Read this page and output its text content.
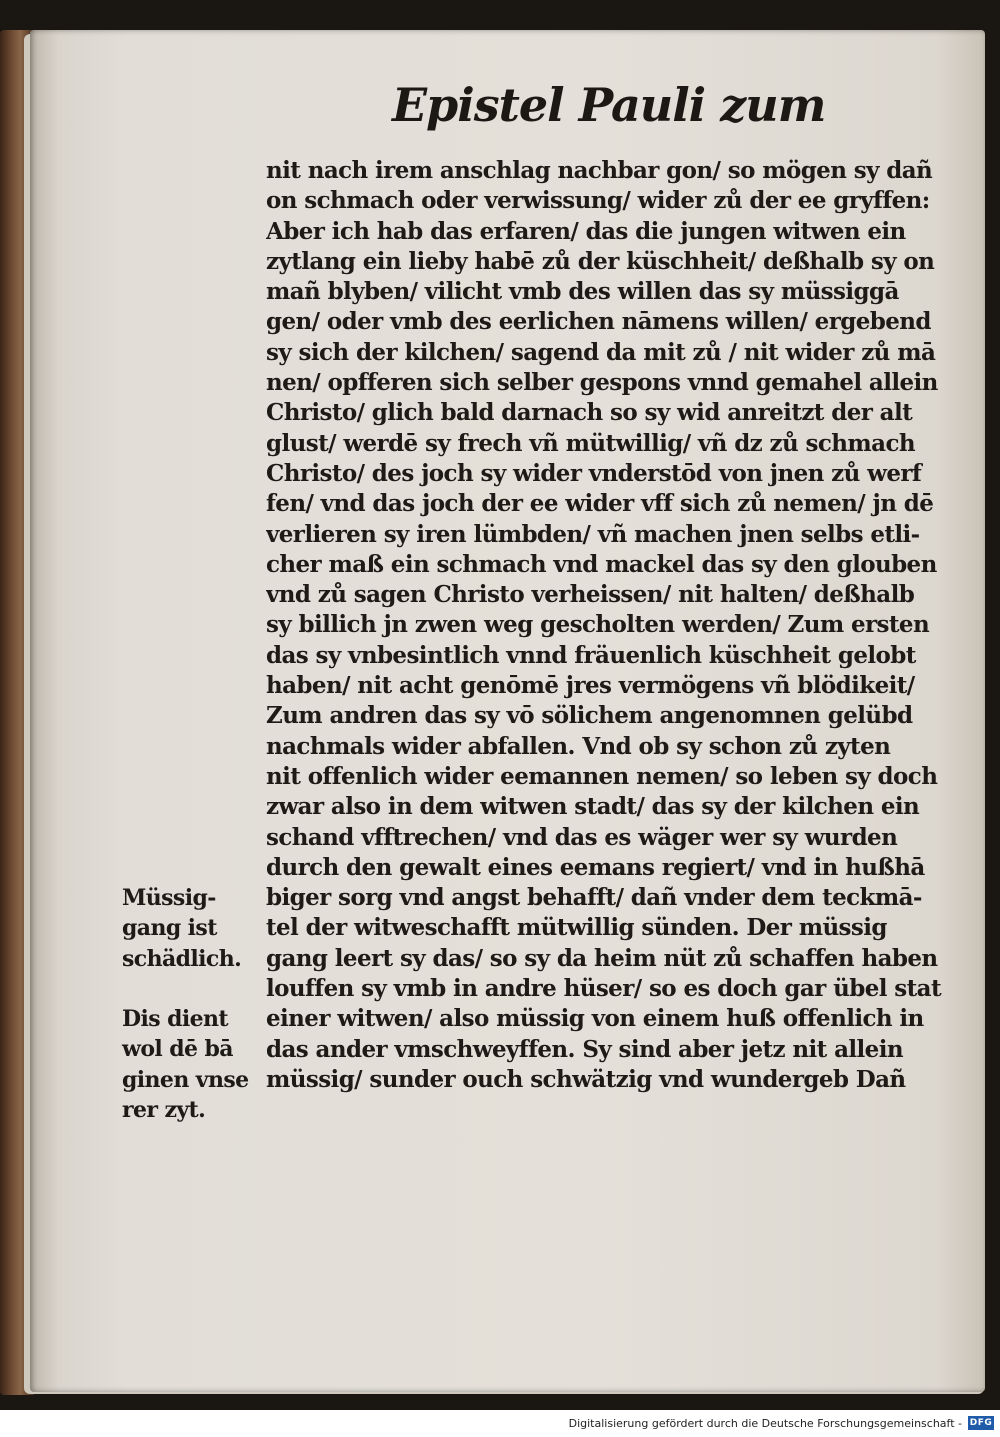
Epistel Pauli zum
nit nach irem anschlag nachbar gon/ so mögen sy dañ
on schmach oder verwissung/ wider zů der ee gryffen:
Aber ich hab das erfaren/ das die jungen witwen ein
zytlang ein lieby habē zů der küschheit/ deßhalb sy on
mañ blyben/ vilicht vmb des willen das sy müssiggā
gen/ oder vmb des eerlichen nāmens willen/ ergebend
sy sich der kilchen/ sagend da mit zů / nit wider zů mā
nen/ opfferen sich selber gespons vnnd gemahel allein
Christo/ glich bald darnach so sy wid anreitzt der alt
glust/ werdē sy frech vñ mütwillig/ vñ dz zů schmach
Christo/ des joch sy wider vnderstōd von jnen zů werf
fen/ vnd das joch der ee wider vff sich zů nemen/ jn dē
verlieren sy iren lümbden/ vñ machen jnen selbs etli-
cher maß ein schmach vnd mackel das sy den glouben
vnd zů sagen Christo verheissen/ nit halten/ deßhalb
sy billich jn zwen weg gescholten werden/ Zum ersten
das sy vnbesintlich vnnd fräuenlich küschheit gelobt
haben/ nit acht genōmē jres vermögens vñ blödikeit/
Zum andren das sy vō sölichem angenomnen gelübd
nachmals wider abfallen. Vnd ob sy schon zů zyten
nit offenlich wider eemannen nemen/ so leben sy doch
zwar also in dem witwen stadt/ das sy der kilchen ein
schand vfftrechen/ vnd das es wäger wer sy wurden
durch den gewalt eines eemans regiert/ vnd in hußhā
biger sorg vnd angst behafft/ dañ vnder dem teckmā-
tel der witweschafft mütwillig sünden. Der müssig
gang leert sy das/ so sy da heim nüt zů schaffen haben
louffen sy vmb in andre hüser/ so es doch gar übel stat
einer witwen/ also müssig von einem huß offenlich in
das ander vmschweyffen. Sy sind aber jetz nit allein
müssig/ sunder ouch schwätzig vnd wundergeb Dañ
Müssig-
gang ist
schädlich.
Dis dient
wol dē bā
ginen vnse
rer zyt.
Digitalisierung gefördert durch die Deutsche Forschungsgemeinschaft - DFG
